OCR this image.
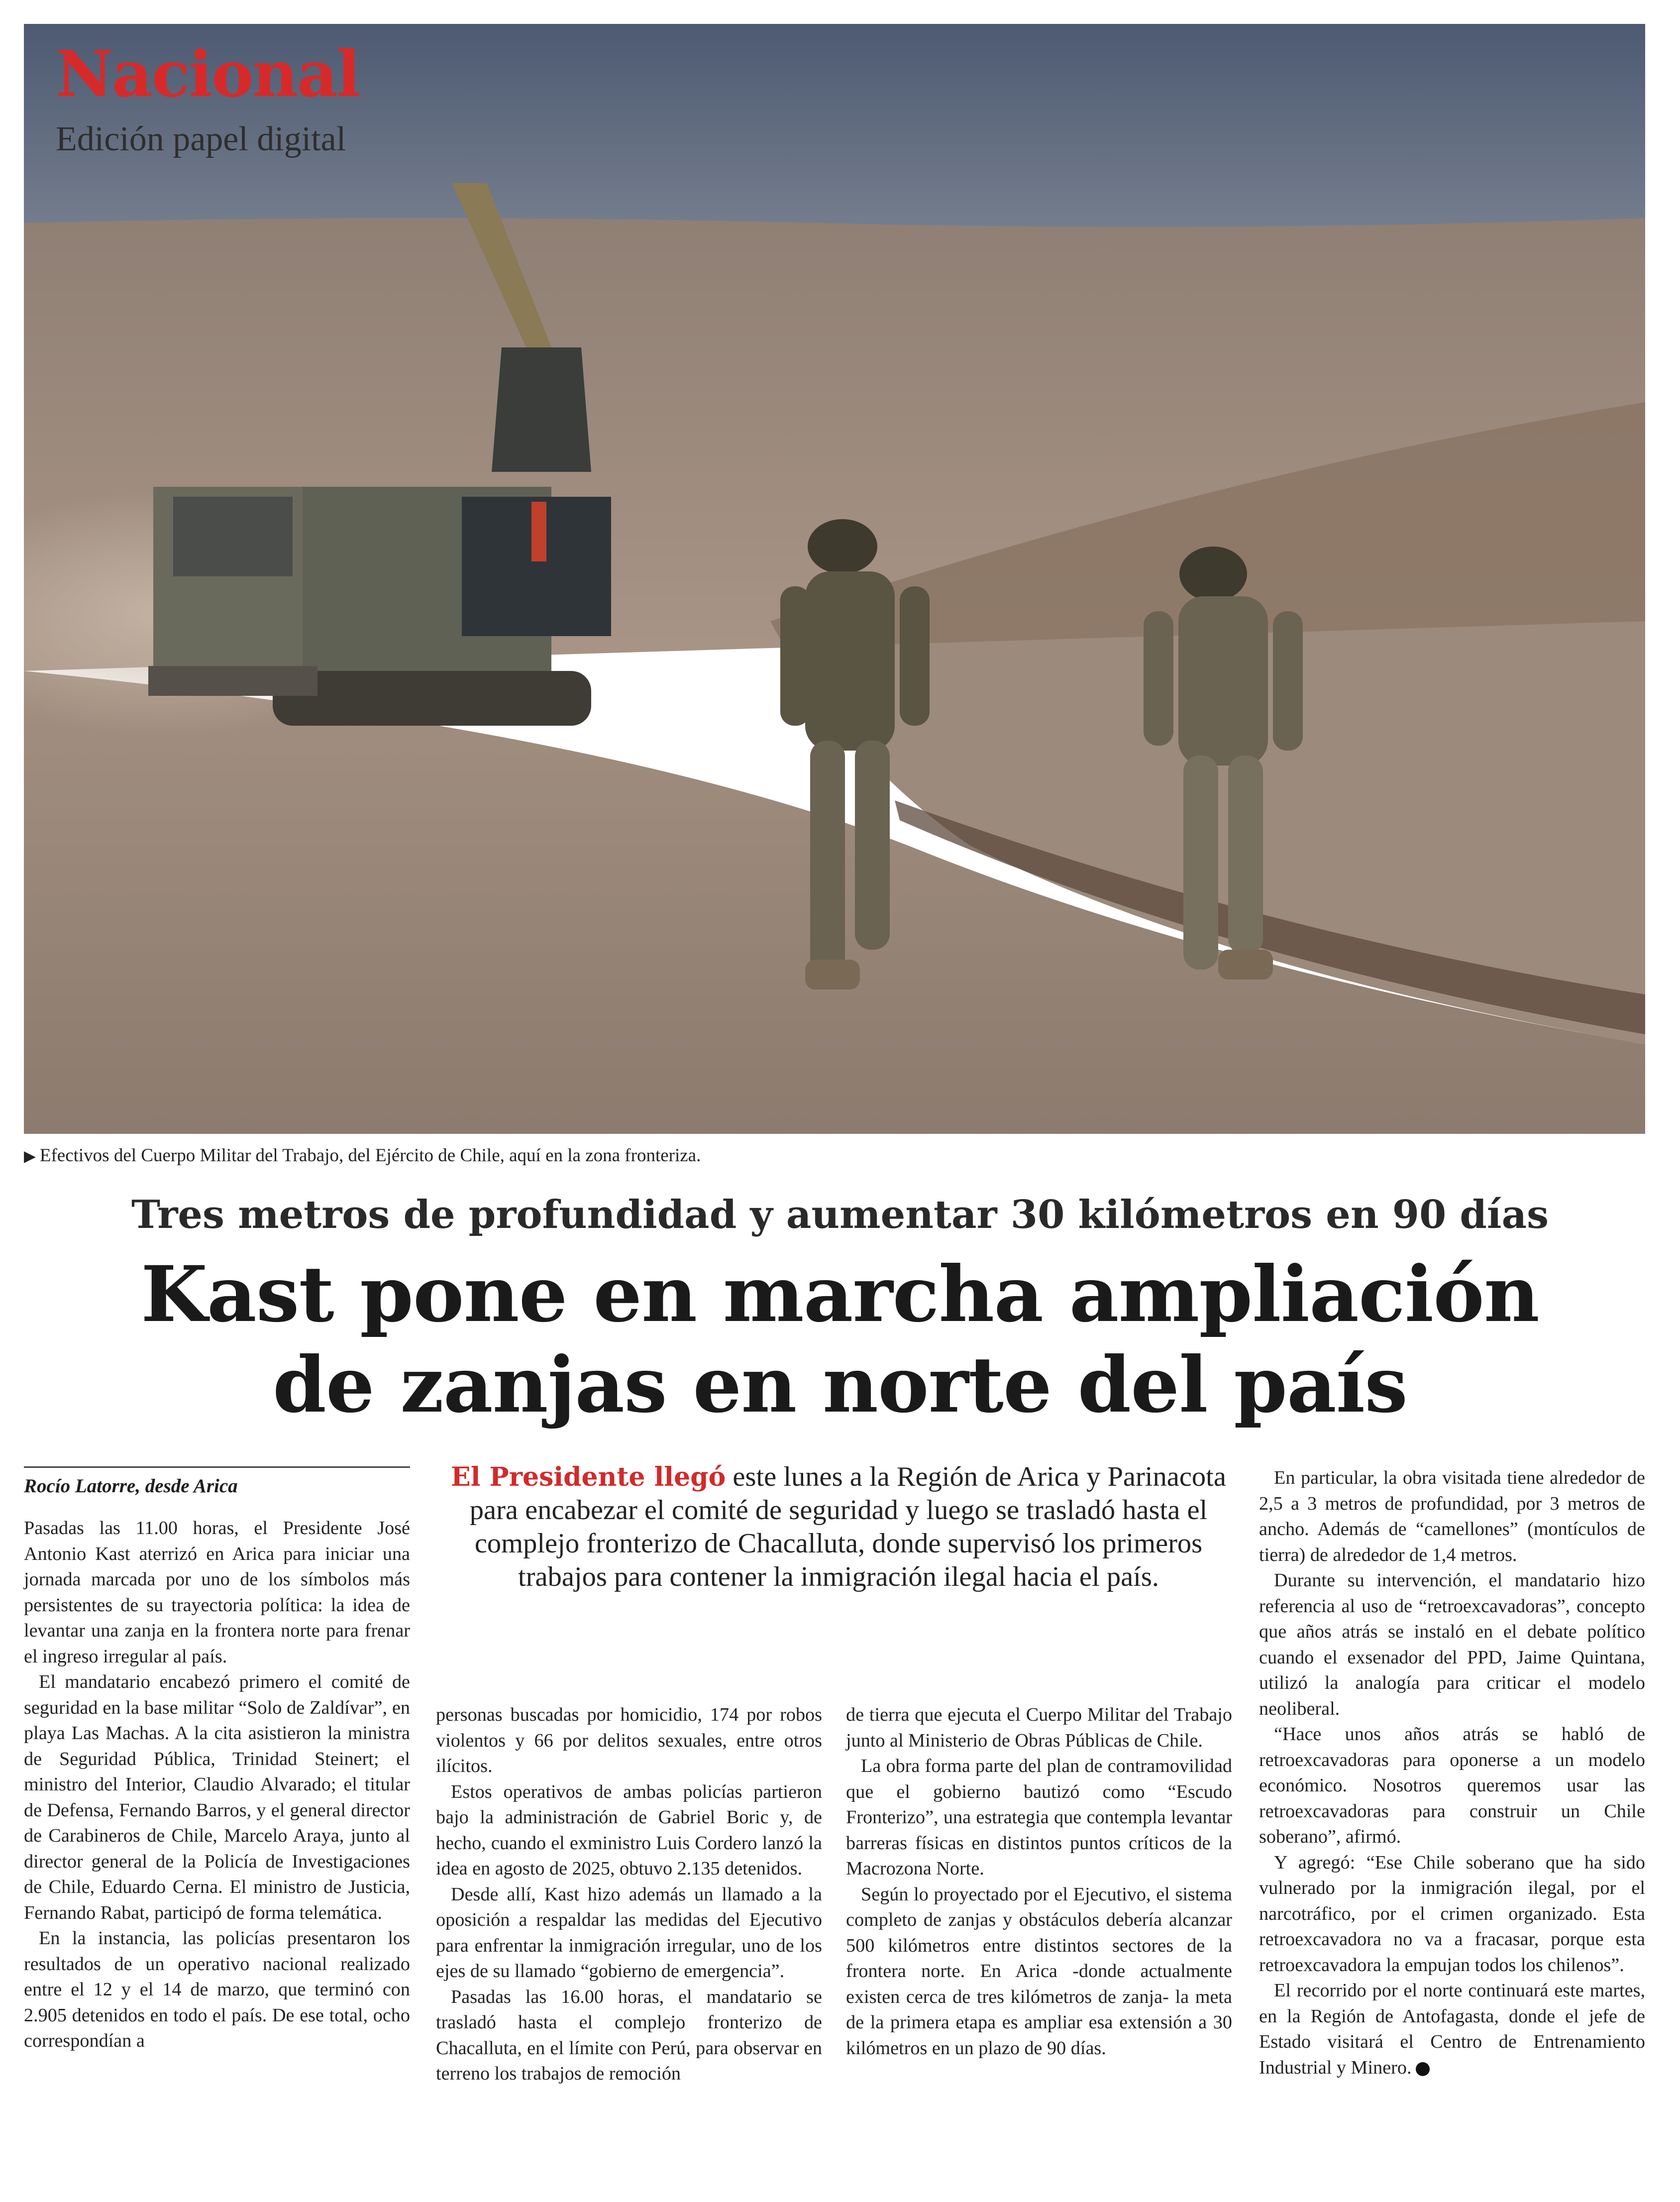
Nacional
Edición papel digital

▶ Efectivos del Cuerpo Militar del Trabajo, del Ejército de Chile, aquí en la zona fronteriza.

Tres metros de profundidad y aumentar 30 kilómetros en 90 días
Kast pone en marcha ampliación
de zanjas en norte del país
Rocío Latorre, desde Arica

Pasadas las 11.00 horas, el Presidente José Antonio Kast aterrizó en Arica para iniciar una jornada marcada por uno de los símbolos más persistentes de su trayectoria política: la idea de levantar una zanja en la frontera norte para frenar el ingreso irregular al país.

El mandatario encabezó primero el comité de seguridad en la base militar “Solo de Zaldívar”, en playa Las Machas. A la cita asistieron la ministra de Seguridad Pública, Trinidad Steinert; el ministro del Interior, Claudio Alvarado; el titular de Defensa, Fernando Barros, y el general director de Carabineros de Chile, Marcelo Araya, junto al director general de la Policía de Investigaciones de Chile, Eduardo Cerna. El ministro de Justicia, Fernando Rabat, participó de forma telemática.

En la instancia, las policías presentaron los resultados de un operativo nacional realizado entre el 12 y el 14 de marzo, que terminó con 2.905 detenidos en todo el país. De ese total, ocho correspondían a

El Presidente llegó este lunes a la Región de Arica y Parinacota para encabezar el comité de seguridad y luego se trasladó hasta el complejo fronterizo de Chacalluta, donde supervisó los primeros trabajos para contener la inmigración ilegal hacia el país.

personas buscadas por homicidio, 174 por robos violentos y 66 por delitos sexuales, entre otros ilícitos.

Estos operativos de ambas policías partieron bajo la administración de Gabriel Boric y, de hecho, cuando el exministro Luis Cordero lanzó la idea en agosto de 2025, obtuvo 2.135 detenidos.

Desde allí, Kast hizo además un llamado a la oposición a respaldar las medidas del Ejecutivo para enfrentar la inmigración irregular, uno de los ejes de su llamado “gobierno de emergencia”.

Pasadas las 16.00 horas, el mandatario se trasladó hasta el complejo fronterizo de Chacalluta, en el límite con Perú, para observar en terreno los trabajos de remoción

de tierra que ejecuta el Cuerpo Militar del Trabajo junto al Ministerio de Obras Públicas de Chile.

La obra forma parte del plan de contramovilidad que el gobierno bautizó como “Escudo Fronterizo”, una estrategia que contempla levantar barreras físicas en distintos puntos críticos de la Macrozona Norte.

Según lo proyectado por el Ejecutivo, el sistema completo de zanjas y obstáculos debería alcanzar 500 kilómetros entre distintos sectores de la frontera norte. En Arica -donde actualmente existen cerca de tres kilómetros de zanja- la meta de la primera etapa es ampliar esa extensión a 30 kilómetros en un plazo de 90 días.

En particular, la obra visitada tiene alrededor de 2,5 a 3 metros de profundidad, por 3 metros de ancho. Además de “camellones” (montículos de tierra) de alrededor de 1,4 metros.

Durante su intervención, el mandatario hizo referencia al uso de “retroexcavadoras”, concepto que años atrás se instaló en el debate político cuando el exsenador del PPD, Jaime Quintana, utilizó la analogía para criticar el modelo neoliberal.

“Hace unos años atrás se habló de retroexcavadoras para oponerse a un modelo económico. Nosotros queremos usar las retroexcavadoras para construir un Chile soberano”, afirmó.

Y agregó: “Ese Chile soberano que ha sido vulnerado por la inmigración ilegal, por el narcotráfico, por el crimen organizado. Esta retroexcavadora no va a fracasar, porque esta retroexcavadora la empujan todos los chilenos”.

El recorrido por el norte continuará este martes, en la Región de Antofagasta, donde el jefe de Estado visitará el Centro de Entrenamiento Industrial y Minero.
